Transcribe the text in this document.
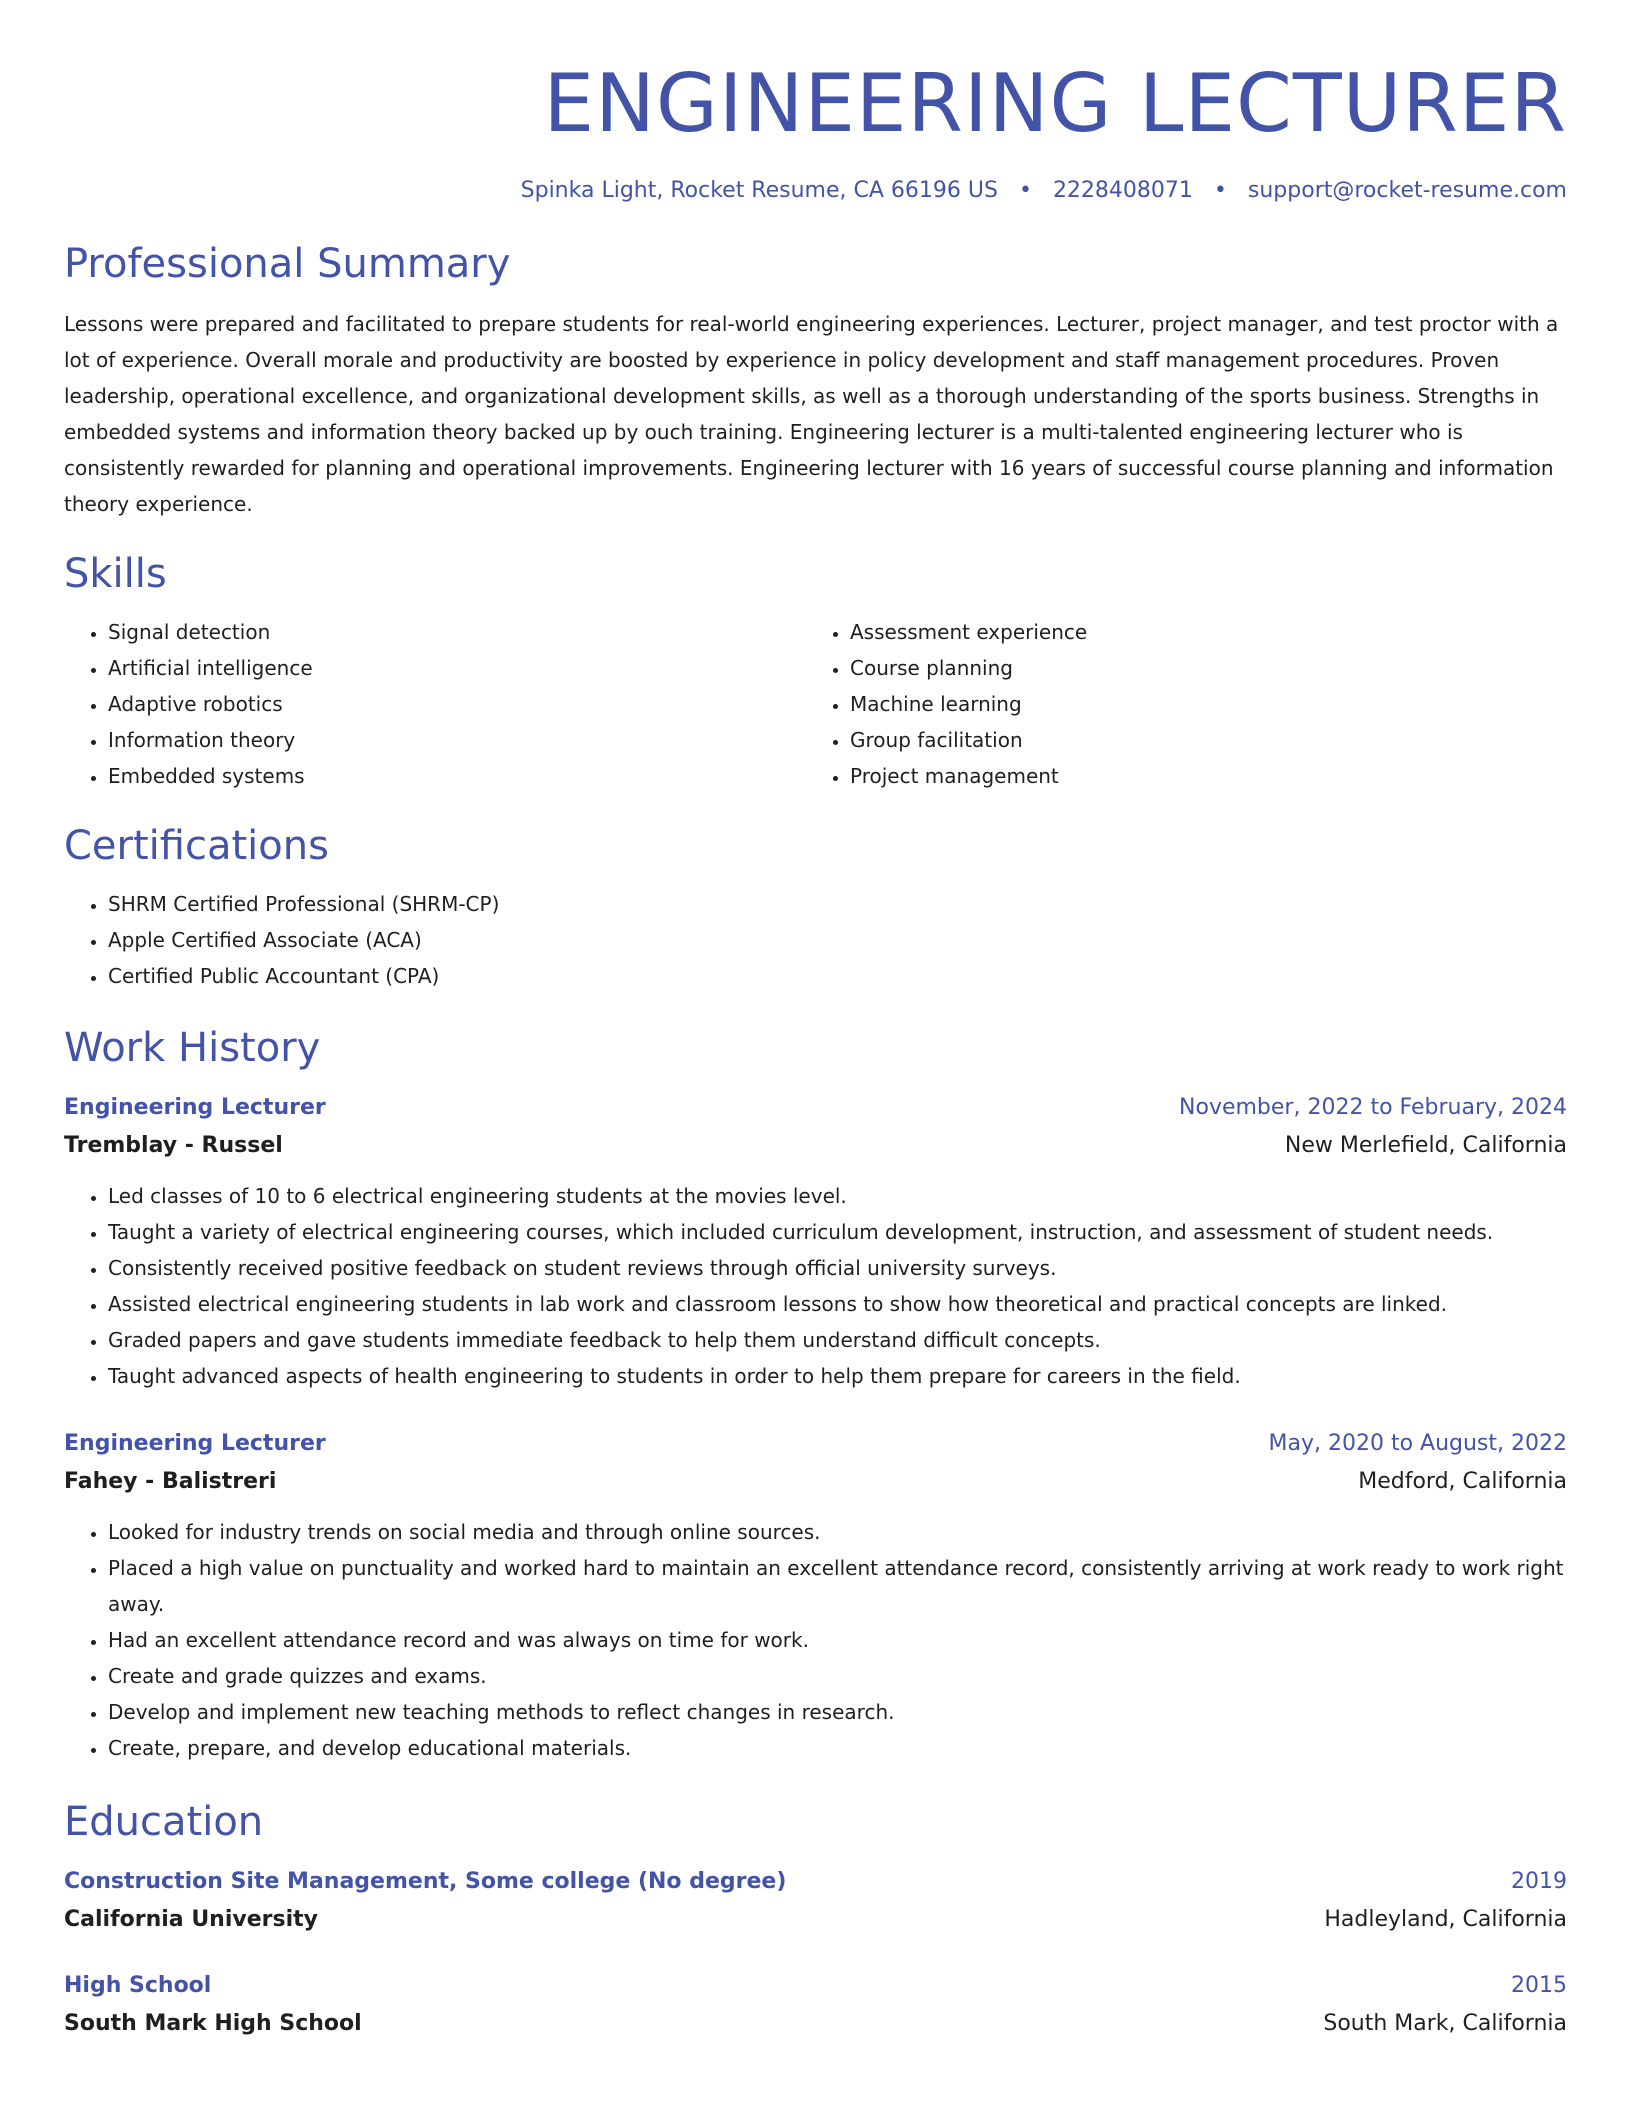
ENGINEERING LECTURER
Spinka Light, Rocket Resume, CA 66196 US • 2228408071 • support@rocket-resume.com
Professional Summary

Lessons were prepared and facilitated to prepare students for real-world engineering experiences. Lecturer, project manager, and test proctor with a lot of experience. Overall morale and productivity are boosted by experience in policy development and staff management procedures. Proven leadership, operational excellence, and organizational development skills, as well as a thorough understanding of the sports business. Strengths in embedded systems and information theory backed up by ouch training. Engineering lecturer is a multi-talented engineering lecturer who is consistently rewarded for planning and operational improvements. Engineering lecturer with 16 years of successful course planning and information theory experience.

Skills
• Signal detection
• Artificial intelligence
• Adaptive robotics
• Information theory
• Embedded systems
• Assessment experience
• Course planning
• Machine learning
• Group facilitation
• Project management
Certifications
• SHRM Certified Professional (SHRM-CP)
• Apple Certified Associate (ACA)
• Certified Public Accountant (CPA)
Work History
Engineering Lecturer	November, 2022 to February, 2024
Tremblay - Russel	New Merlefield, California
• Led classes of 10 to 6 electrical engineering students at the movies level.
• Taught a variety of electrical engineering courses, which included curriculum development, instruction, and assessment of student needs.
• Consistently received positive feedback on student reviews through official university surveys.
• Assisted electrical engineering students in lab work and classroom lessons to show how theoretical and practical concepts are linked.
• Graded papers and gave students immediate feedback to help them understand difficult concepts.
• Taught advanced aspects of health engineering to students in order to help them prepare for careers in the field.
Engineering Lecturer	May, 2020 to August, 2022
Fahey - Balistreri	Medford, California
• Looked for industry trends on social media and through online sources.
• Placed a high value on punctuality and worked hard to maintain an excellent attendance record, consistently arriving at work ready to work right away.
• Had an excellent attendance record and was always on time for work.
• Create and grade quizzes and exams.
• Develop and implement new teaching methods to reflect changes in research.
• Create, prepare, and develop educational materials.
Education
Construction Site Management, Some college (No degree)	2019
California University	Hadleyland, California
High School	2015
South Mark High School	South Mark, California
